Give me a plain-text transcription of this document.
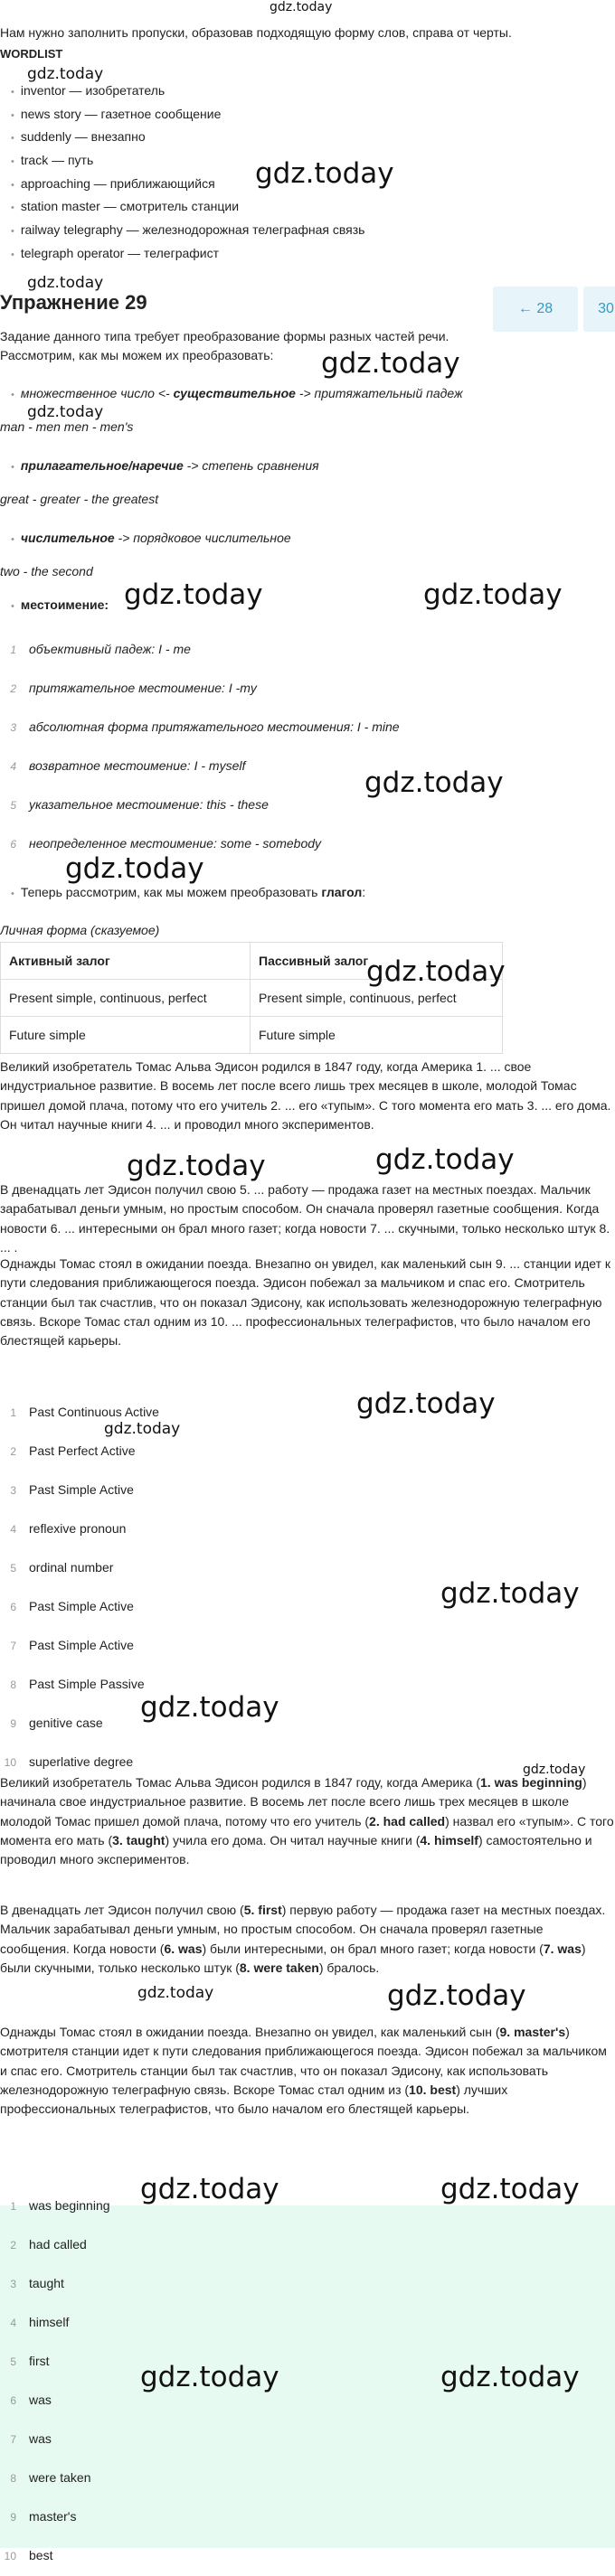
gdz.today
Нам нужно заполнить пропуски, образовав подходящую форму слов, справа от черты.
WORDLIST
gdz.today
• inventor — изобретатель
• news story — газетное сообщение
• suddenly — внезапно
• track — путь
• approaching — приближающийся
• station master — смотритель станции
• railway telegraphy — железнодорожная телеграфная связь
• telegraph operator — телеграфист
gdz.today
gdz.today
Упражнение 29	← 28	30
Задание данного типа требует преобразование формы разных частей речи.
Рассмотрим, как мы можем их преобразовать:	gdz.today
gdz.today
• множественное число <- существительное -> притяжательный падеж
man - men men - men's
• прилагательное/наречие -> степень сравнения
great - greater - the greatest
• числительное -> порядковое числительное
two - the second
• местоимение: gdz.today	gdz.today
1 объективный падеж: I - me
2 притяжательное местоимение: I -my
3 абсолютная форма притяжательного местоимения: I - mine
4 возвратное местоимение: I - myself
5 указательное местоимение: this - these
6 неопределенное местоимение: some - somebody
gdz.today
gdz.today
• Теперь рассмотрим, как мы можем преобразовать глагол:
Личная форма (сказуемое)
Активный залог	Пассивный залог
Present simple, continuous, perfect	Present simple, continuous, perfect
Future simple	Future simple
gdz.today
Великий изобретатель Томас Альва Эдисон родился в 1847 году, когда Америка 1. ... свое индустриальное развитие. В восемь лет после всего лишь трех месяцев в школе, молодой Томас пришел домой плача, потому что его учитель 2. ... его «тупым». С того момента его мать 3. ... его дома. Он читал научные книги 4. ... и проводил много экспериментов.
gdz.today	gdz.today
В двенадцать лет Эдисон получил свою 5. ... работу — продажа газет на местных поездах. Мальчик зарабатывал деньги умным, но простым способом. Он сначала проверял газетные сообщения. Когда новости 6. ... интересными он брал много газет; когда новости 7. ... скучными, только несколько штук 8. ... .
Однажды Томас стоял в ожидании поезда. Внезапно он увидел, как маленький сын 9. ... станции идет к пути следования приближающегося поезда. Эдисон побежал за мальчиком и спас его. Смотритель станции был так счастлив, что он показал Эдисону, как использовать железнодорожную телеграфную связь. Вскоре Томас стал одним из 10. ... профессиональных телеграфистов, что было началом его блестящей карьеры.
gdz.today
gdz.today
1 Past Continuous Active
2 Past Perfect Active
3 Past Simple Active
4 reflexive pronoun
5 ordinal number
6 Past Simple Active
7 Past Simple Active
8 Past Simple Passive
9 genitive case
10 superlative degree
gdz.today
gdz.today
gdz.today
Великий изобретатель Томас Альва Эдисон родился в 1847 году, когда Америка (1. was beginning) начинала свое индустриальное развитие. В восемь лет после всего лишь трех месяцев в школе молодой Томас пришел домой плача, потому что его учитель (2. had called) назвал его «тупым». С того момента его мать (3. taught) учила его дома. Он читал научные книги (4. himself) самостоятельно и проводил много экспериментов.
В двенадцать лет Эдисон получил свою (5. first) первую работу — продажа газет на местных поездах. Мальчик зарабатывал деньги умным, но простым способом. Он сначала проверял газетные сообщения. Когда новости (6. was) были интересными, он брал много газет; когда новости (7. was) были скучными, только несколько штук (8. were taken) бралось.
gdz.today	gdz.today
Однажды Томас стоял в ожидании поезда. Внезапно он увидел, как маленький сын (9. master's) смотрителя станции идет к пути следования приближающегося поезда. Эдисон побежал за мальчиком и спас его. Смотритель станции был так счастлив, что он показал Эдисону, как использовать железнодорожную телеграфную связь. Вскоре Томас стал одним из (10. best) лучших профессиональных телеграфистов, что было началом его блестящей карьеры.
1 was beginning
2 had called
3 taught
4 himself
5 first
6 was
7 was
8 were taken
9 master's
10 best
gdz.today	gdz.today
gdz.today	gdz.today
